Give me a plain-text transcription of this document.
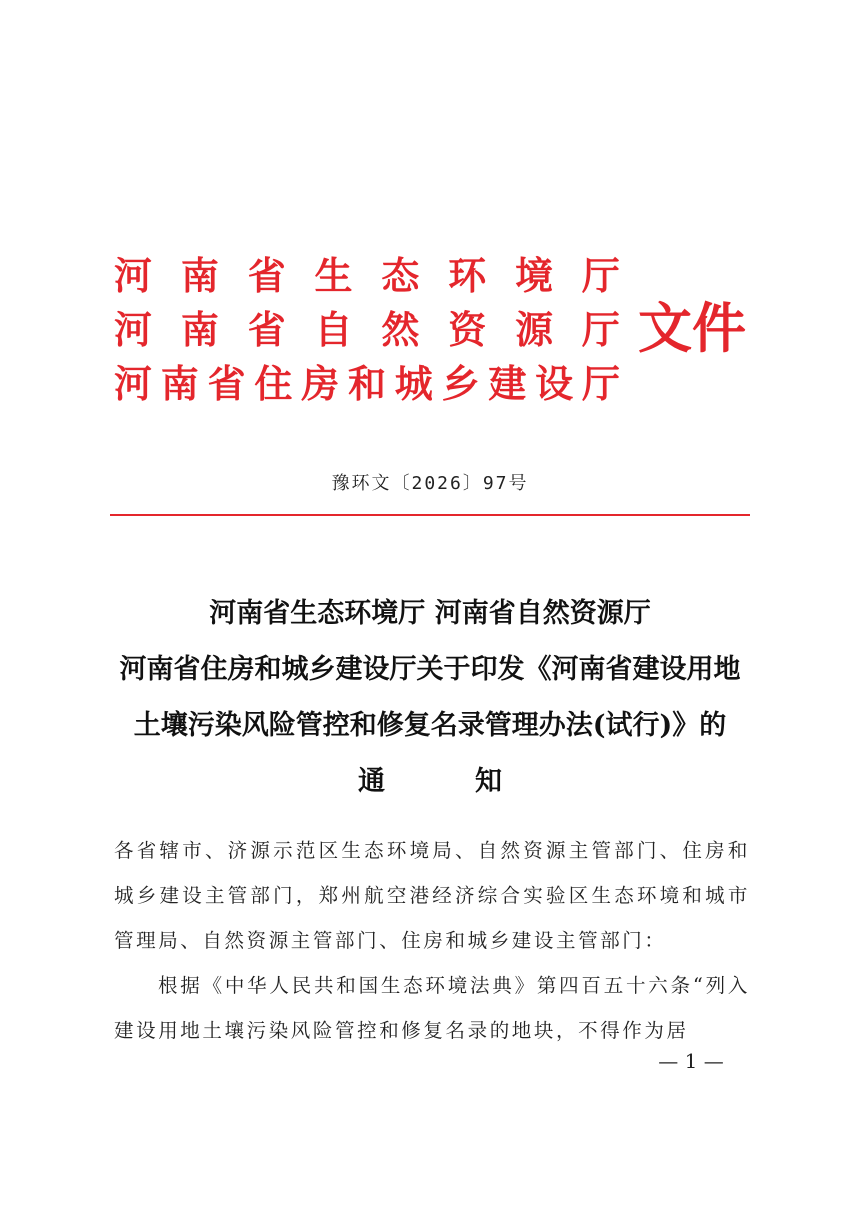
河 南 省 生 态 环 境 厅
河 南 省 自 然 资 源 厅
河 南 省 住 房 和 城 乡 建 设 厅
文件
豫环文〔2026〕97号
河南省生态环境厅 河南省自然资源厅
河南省住房和城乡建设厅关于印发《河南省建设用地
土壤污染风险管控和修复名录管理办法(试行)》的
通	知

各省辖市、济源示范区生态环境局、自然资源主管部门、住房和城乡建设主管部门，郑州航空港经济综合实验区生态环境和城市管理局、自然资源主管部门、住房和城乡建设主管部门：

根据《中华人民共和国生态环境法典》第四百五十六条“列入建设用地土壤污染风险管控和修复名录的地块，不得作为居

— 1 —
